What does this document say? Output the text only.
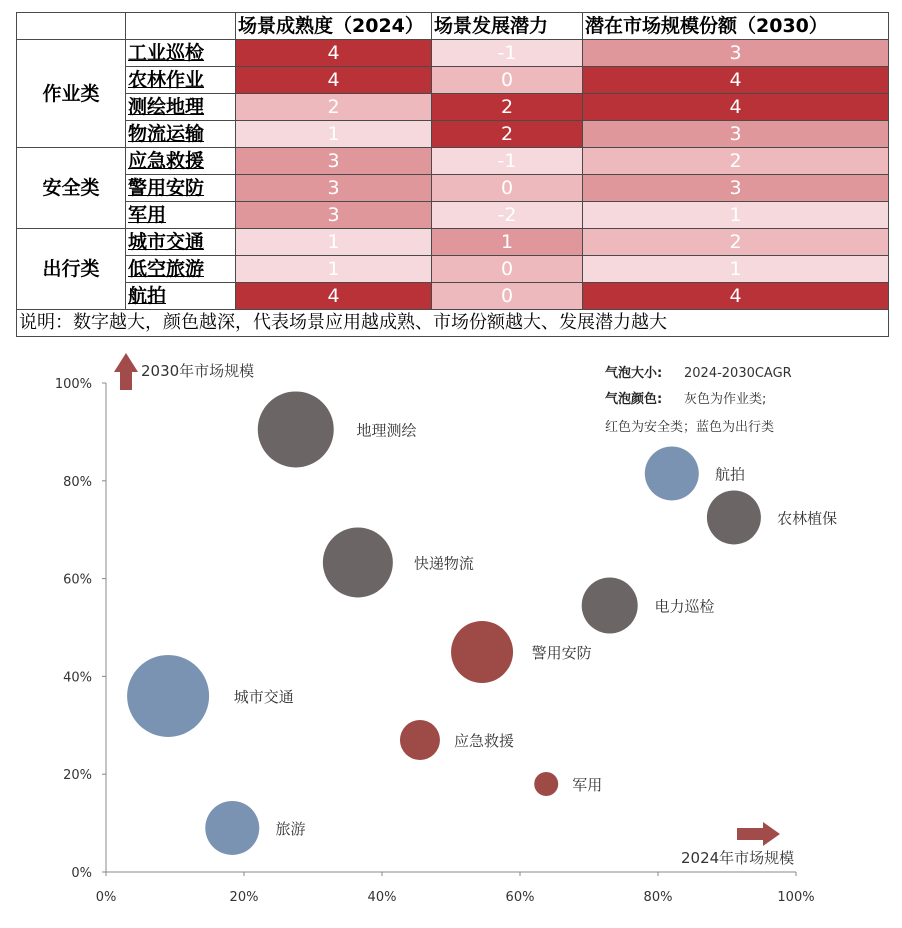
		场景成熟度（2024）	场景发展潜力	潜在市场规模份额（2030）
作业类	工业巡检	4	-1	3
	农林作业	4	0	4
	测绘地理	2	2	4
	物流运输	1	2	3
安全类	应急救援	3	-1	2
	警用安防	3	0	3
	军用	3	-2	1
出行类	城市交通	1	1	2
	低空旅游	1	0	1
	航拍	4	0	4
说明：数字越大，颜色越深，代表场景应用越成熟、市场份额越大、发展潜力越大				
0%
20%
40%
60%
80%
100%
0%	20%	40%	60%	80%	100%
地理测绘
快递物流
电力巡检
农林植保
警用安防
应急救援
军用
城市交通
旅游
航拍
2030年市场规模
2024年市场规模
气泡大小: 2024-2030CAGR
气泡颜色: 灰色为作业类;
红色为安全类；蓝色为出行类
